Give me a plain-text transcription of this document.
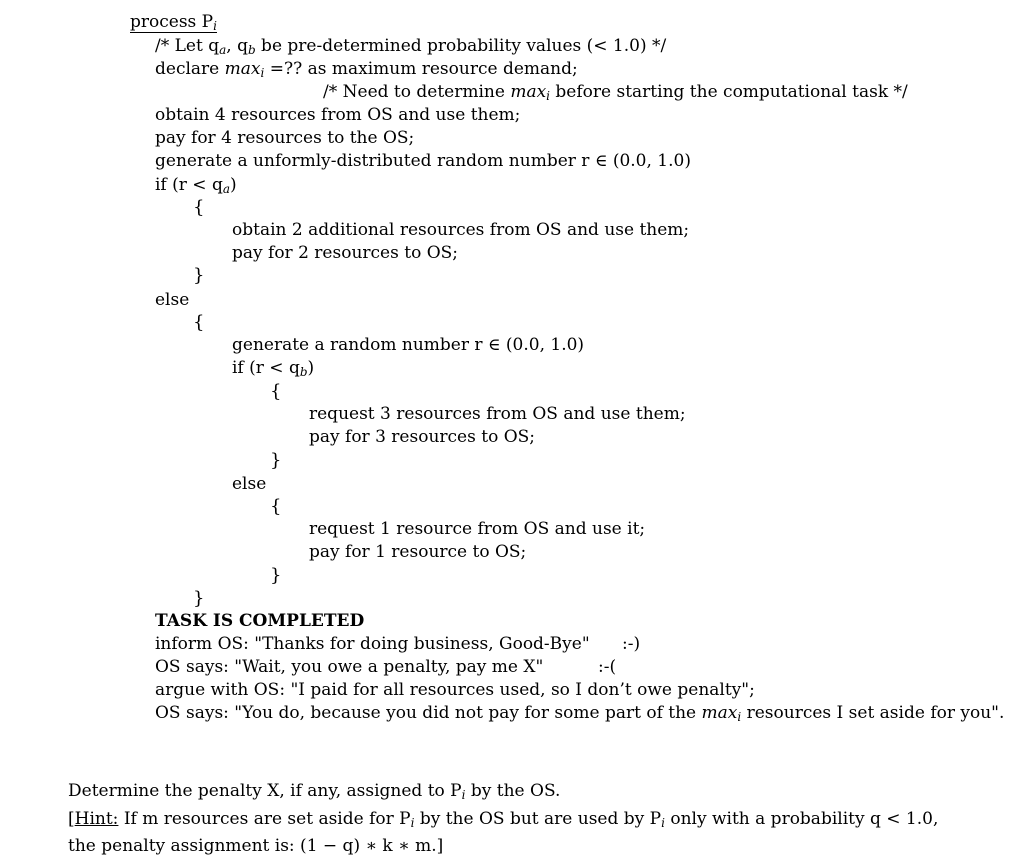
process $P_i$
/* Let $q_a$, $q_b$ be pre-determined probability values (< 1.0) */
declare $\max_i$ =?? as maximum resource demand;
/* Need to determine $\max_i$ before starting the computational task */
obtain 4 resources from OS and use them;
pay for 4 resources to the OS;
generate a unformly-distributed random number r ∈ (0.0, 1.0)
if $(r < q_a)$
{
obtain 2 additional resources from OS and use them;
pay for 2 resources to OS;
}
else
{
generate a random number r ∈ (0.0, 1.0)
if $(r < q_b)$
{
request 3 resources from OS and use them;
pay for 3 resources to OS;
}
else
{
request 1 resource from OS and use it;
pay for 1 resource to OS;
}
}
TASK IS COMPLETED
inform OS: "Thanks for doing business, Good-Bye" :-)
OS says: "Wait, you owe a penalty, pay me X"	:-(
argue with OS: "I paid for all resources used, so I don’t owe penalty";
OS says: "You do, because you did not pay for some part of the $\max_i$ resources I set aside for you".
Determine the penalty X, if any, assigned to $P_i$ by the OS.
[Hint: If m resources are set aside for $P_i$ by the OS but are used by $P_i$ only with a probability q < 1.0,
the penalty assignment is: (1 − q) ∗ k ∗ m.]
